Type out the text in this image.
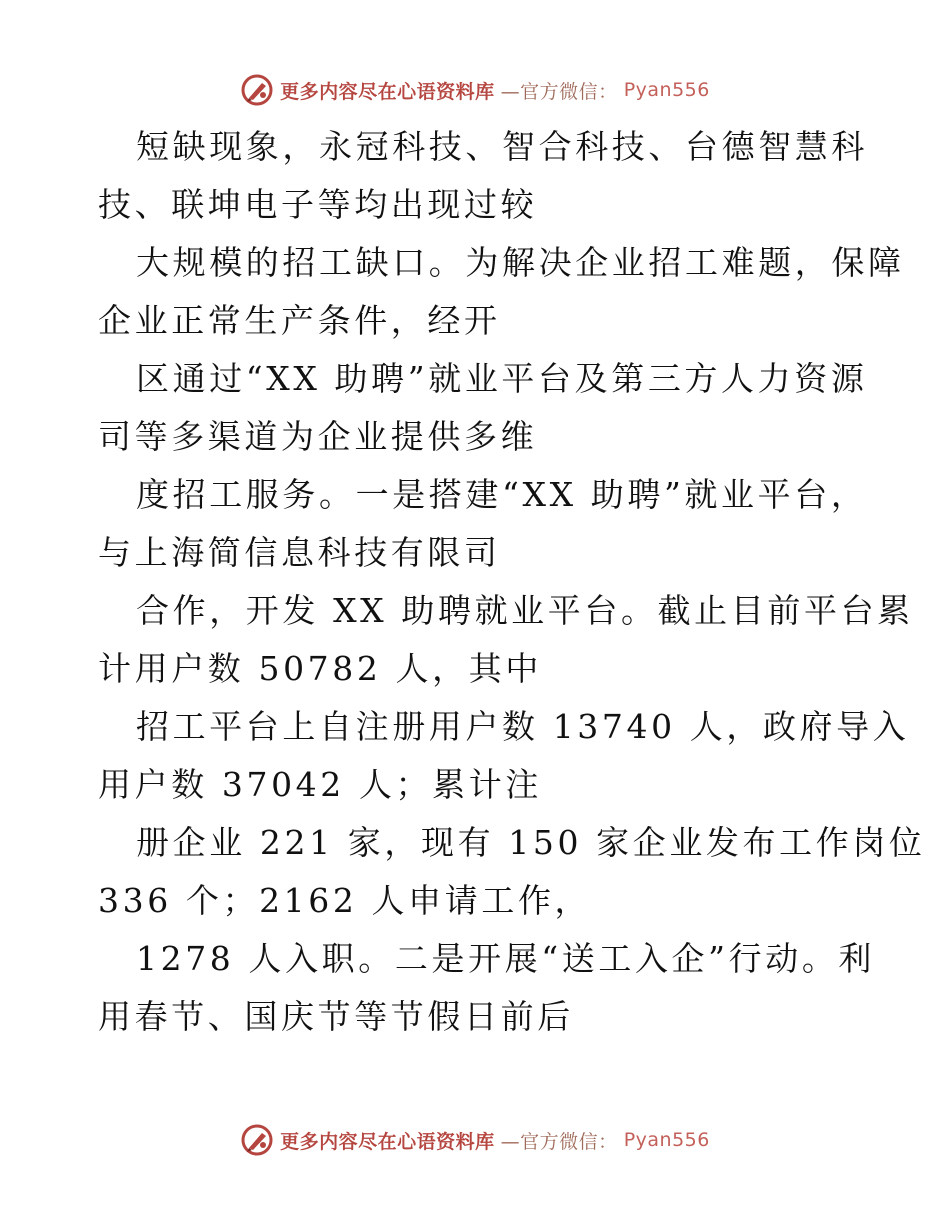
更多内容尽在心语资料库 —官方微信： Pyan556
短缺现象，永冠科技、智合科技、台德智慧科
技、联坤电子等均出现过较
大规模的招工缺口。为解决企业招工难题，保障
企业正常生产条件，经开
区通过“XX 助聘”就业平台及第三方人力资源
司等多渠道为企业提供多维
度招工服务。一是搭建“XX 助聘”就业平台，
与上海简信息科技有限司
合作，开发 XX 助聘就业平台。截止目前平台累
计用户数 50782 人，其中
招工平台上自注册用户数 13740 人，政府导入
用户数 37042 人；累计注
册企业 221 家，现有 150 家企业发布工作岗位
336 个；2162 人申请工作，
1278 人入职。二是开展“送工入企”行动。利
用春节、国庆节等节假日前后
更多内容尽在心语资料库 —官方微信： Pyan556
